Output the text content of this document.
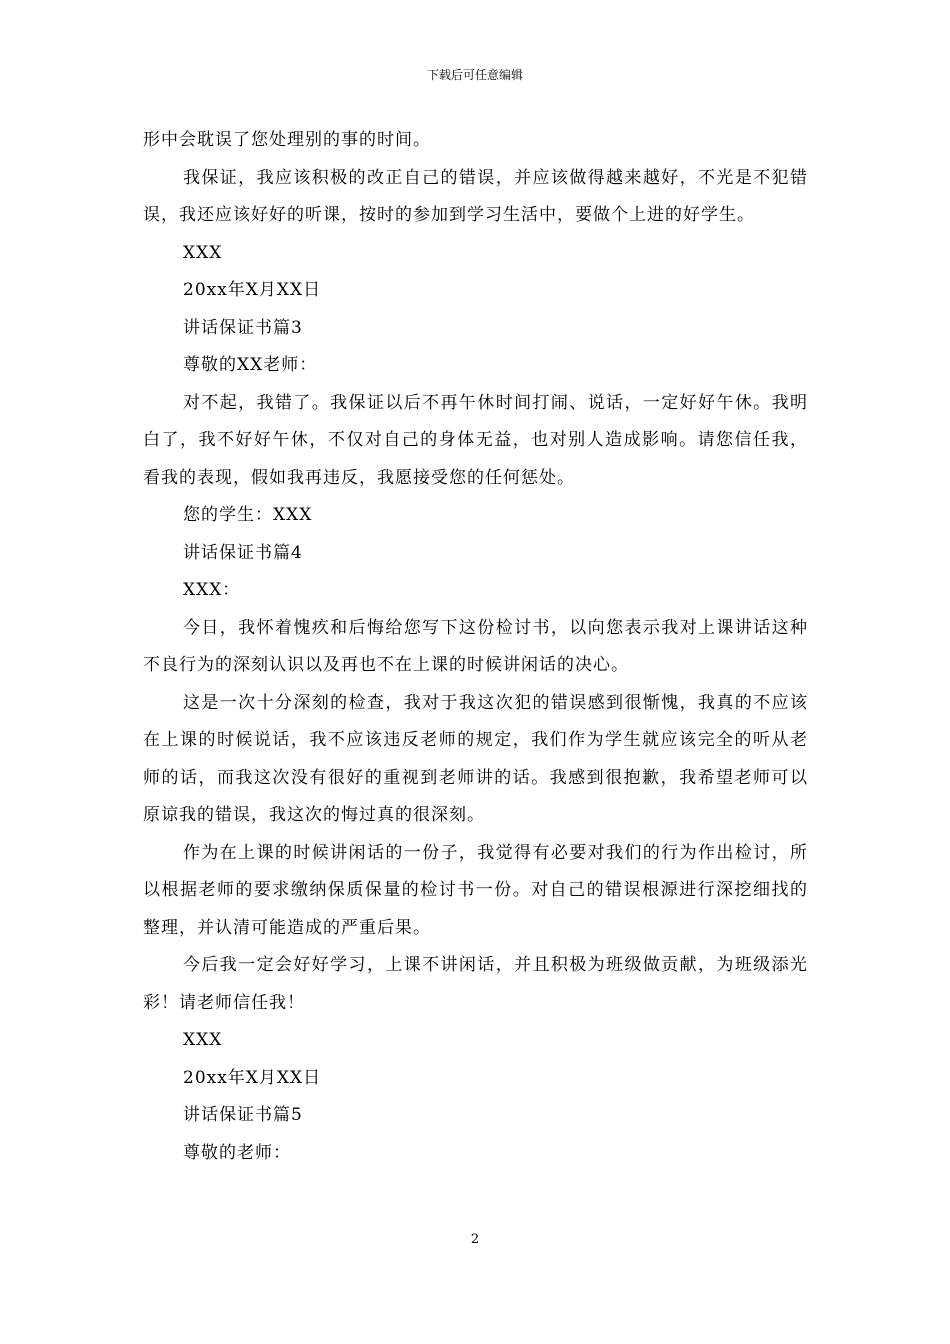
下载后可任意编辑

形中会耽误了您处理别的事的时间。

我保证，我应该积极的改正自己的错误，并应该做得越来越好，不光是不犯错误，我还应该好好的听课，按时的参加到学习生活中，要做个上进的好学生。

XXX

20xx年X月XX日

讲话保证书篇3

尊敬的XX老师：

对不起，我错了。我保证以后不再午休时间打闹、说话，一定好好午休。我明白了，我不好好午休，不仅对自己的身体无益，也对别人造成影响。请您信任我，看我的表现，假如我再违反，我愿接受您的任何惩处。

您的学生：XXX

讲话保证书篇4

XXX：

今日，我怀着愧疚和后悔给您写下这份检讨书，以向您表示我对上课讲话这种不良行为的深刻认识以及再也不在上课的时候讲闲话的决心。

这是一次十分深刻的检查，我对于我这次犯的错误感到很惭愧，我真的不应该在上课的时候说话，我不应该违反老师的规定，我们作为学生就应该完全的听从老师的话，而我这次没有很好的重视到老师讲的话。我感到很抱歉，我希望老师可以原谅我的错误，我这次的悔过真的很深刻。

作为在上课的时候讲闲话的一份子，我觉得有必要对我们的行为作出检讨，所以根据老师的要求缴纳保质保量的检讨书一份。对自己的错误根源进行深挖细找的整理，并认清可能造成的严重后果。

今后我一定会好好学习，上课不讲闲话，并且积极为班级做贡献，为班级添光彩！请老师信任我！

XXX

20xx年X月XX日

讲话保证书篇5

尊敬的老师：

2
